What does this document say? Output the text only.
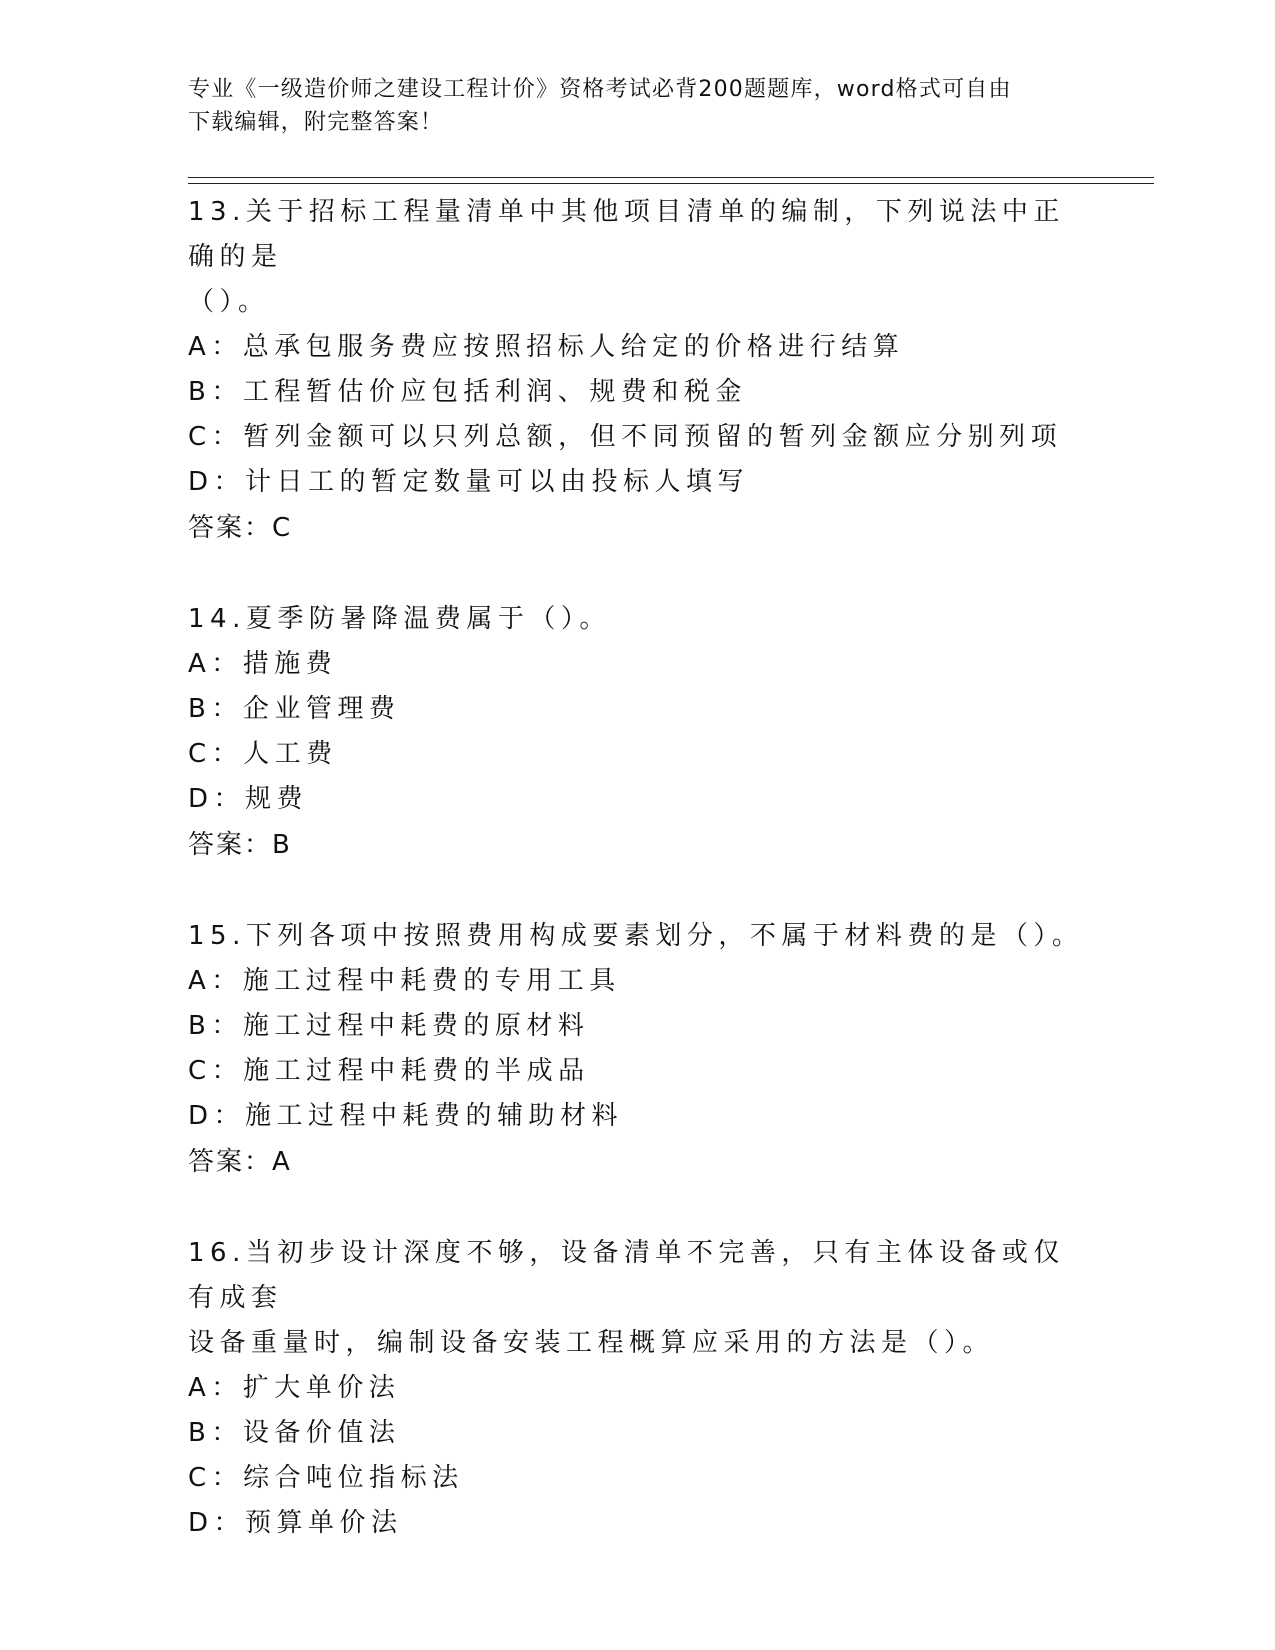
专业《一级造价师之建设工程计价》资格考试必背200题题库，word格式可自由
下载编辑，附完整答案！

13.关于招标工程量清单中其他项目清单的编制，下列说法中正确的是
（）。

A：总承包服务费应按照招标人给定的价格进行结算

B：工程暂估价应包括利润、规费和税金

C：暂列金额可以只列总额，但不同预留的暂列金额应分别列项

D：计日工的暂定数量可以由投标人填写

答案：C

14.夏季防暑降温费属于（）。

A：措施费

B：企业管理费

C：人工费

D：规费

答案：B

15.下列各项中按照费用构成要素划分，不属于材料费的是（）。

A：施工过程中耗费的专用工具

B：施工过程中耗费的原材料

C：施工过程中耗费的半成品

D：施工过程中耗费的辅助材料

答案：A

16.当初步设计深度不够，设备清单不完善，只有主体设备或仅有成套
设备重量时，编制设备安装工程概算应采用的方法是（）。

A：扩大单价法

B：设备价值法

C：综合吨位指标法

D：预算单价法
